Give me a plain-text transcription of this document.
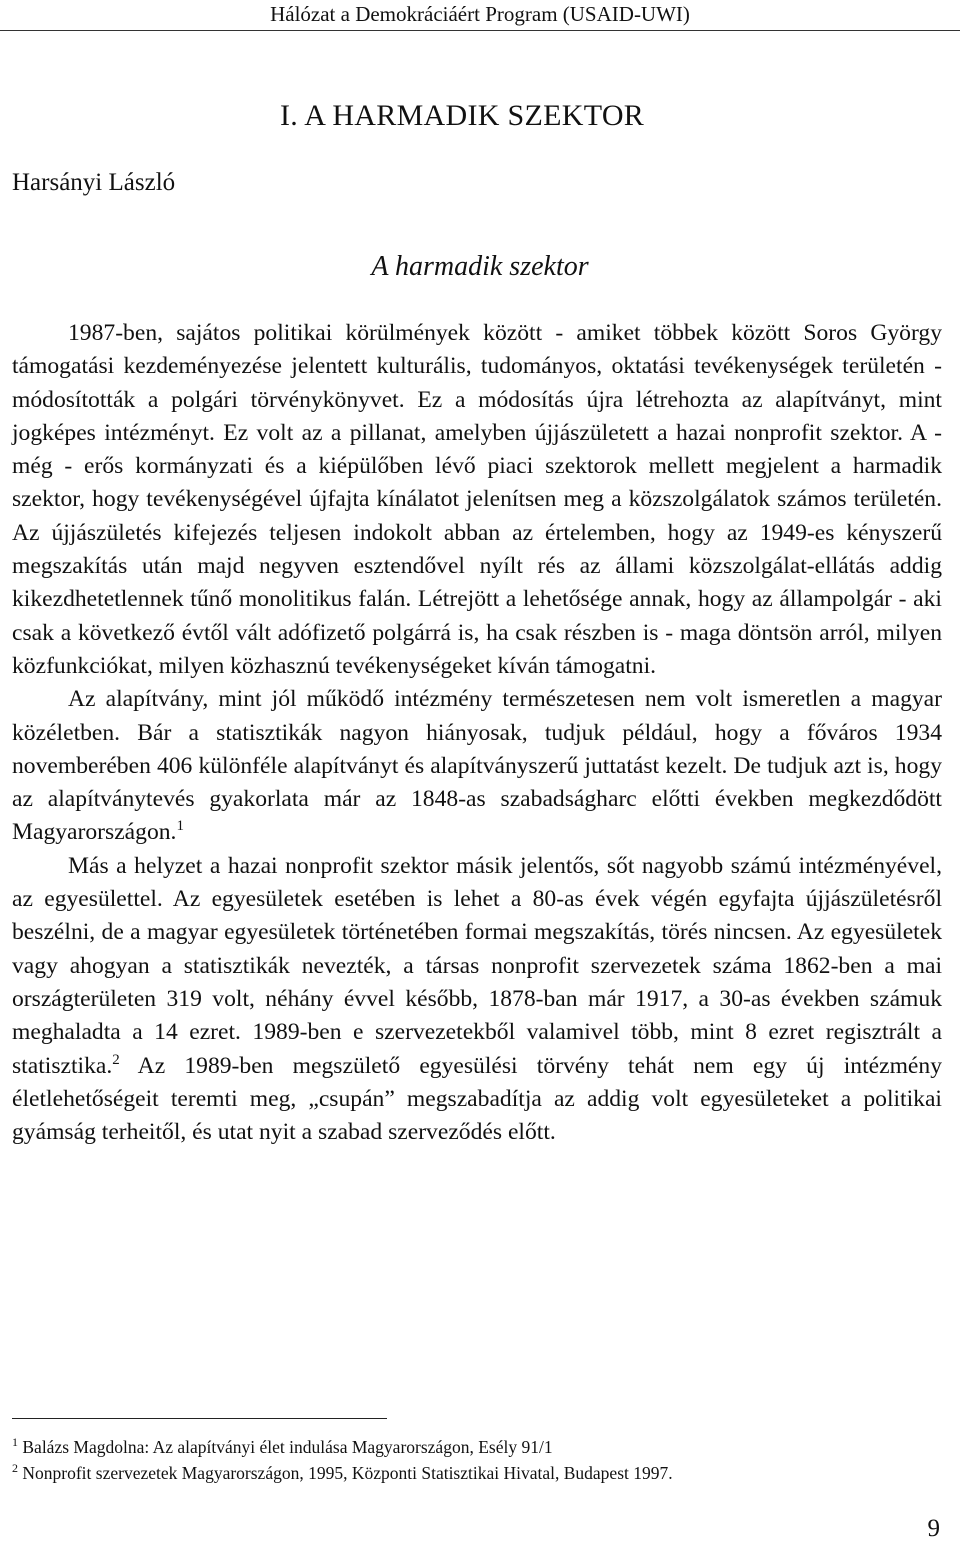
Hálózat a Demokráciáért Program (USAID-UWI)
I. A HARMADIK SZEKTOR
Harsányi László
A harmadik szektor

1987-ben, sajátos politikai körülmények között - amiket többek között Soros György támogatási kezdeményezése jelentett kulturális, tudományos, oktatási tevékenységek területén - módosították a polgári törvénykönyvet. Ez a módosítás újra létrehozta az alapítványt, mint jogképes intézményt. Ez volt az a pillanat, amelyben újjászületett a hazai nonprofit szektor. A - még - erős kormányzati és a kiépülőben lévő piaci szektorok mellett megjelent a harmadik szektor, hogy tevékenységével újfajta kínálatot jelenítsen meg a közszolgálatok számos területén. Az újjászületés kifejezés teljesen indokolt abban az értelemben, hogy az 1949-es kényszerű megszakítás után majd negyven esztendővel nyílt rés az állami közszolgálat-ellátás addig kikezdhetetlennek tűnő monolitikus falán. Létrejött a lehetősége annak, hogy az állampolgár - aki csak a következő évtől vált adófizető polgárrá is, ha csak részben is - maga döntsön arról, milyen közfunkciókat, milyen közhasznú tevékenységeket kíván támogatni.

Az alapítvány, mint jól működő intézmény természetesen nem volt ismeretlen a magyar közéletben. Bár a statisztikák nagyon hiányosak, tudjuk például, hogy a főváros 1934 novemberében 406 különféle alapítványt és alapítványszerű juttatást kezelt. De tudjuk azt is, hogy az alapítványtevés gyakorlata már az 1848-as szabadságharc előtti években megkezdődött Magyarországon.$^1$

Más a helyzet a hazai nonprofit szektor másik jelentős, sőt nagyobb számú intézményével, az egyesülettel. Az egyesületek esetében is lehet a 80-as évek végén egyfajta újjászületésről beszélni, de a magyar egyesületek történetében formai megszakítás, törés nincsen. Az egyesületek vagy ahogyan a statisztikák nevezték, a társas nonprofit szervezetek száma 1862-ben a mai országterületen 319 volt, néhány évvel később, 1878-ban már 1917, a 30-as években számuk meghaladta a 14 ezret. 1989-ben e szervezetekből valamivel több, mint 8 ezret regisztrált a statisztika.$^2$ Az 1989-ben megszülető egyesülési törvény tehát nem egy új intézmény életlehetőségeit teremti meg, „csupán” megszabadítja az addig volt egyesületeket a politikai gyámság terheitől, és utat nyit a szabad szerveződés előtt.

$^1$ Balázs Magdolna: Az alapítványi élet indulása Magyarországon, Esély 91/1
$^2$ Nonprofit szervezetek Magyarországon, 1995, Központi Statisztikai Hivatal, Budapest 1997.
9
